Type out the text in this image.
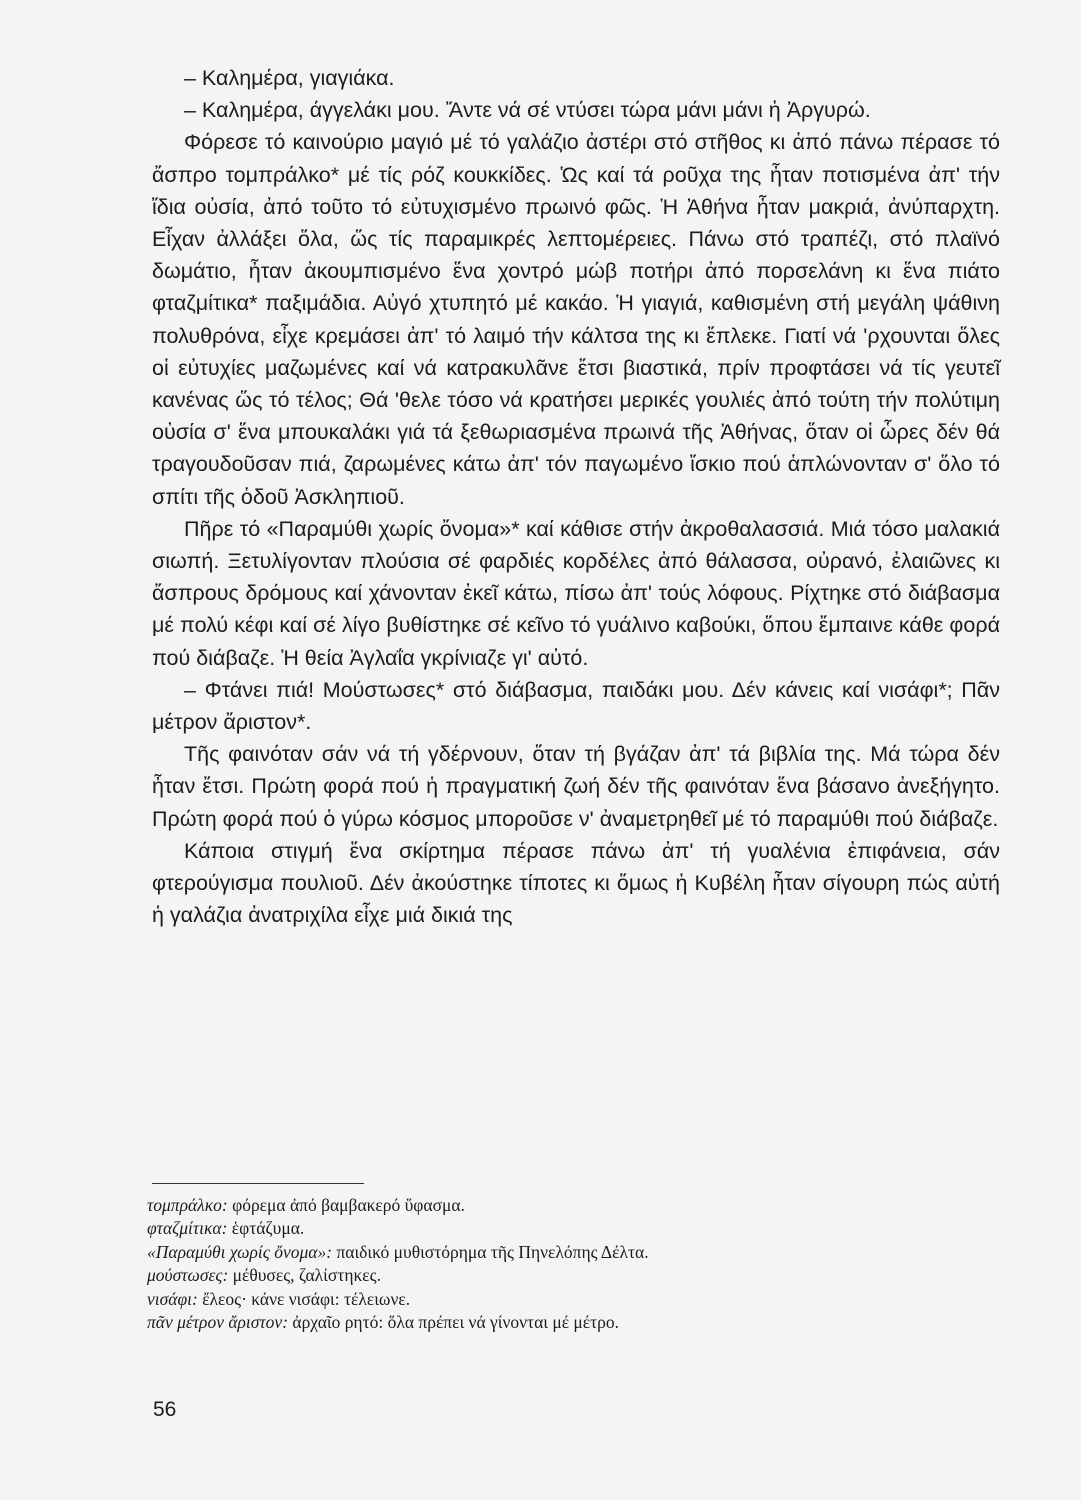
– Καλημέρα, γιαγιάκα.

– Καλημέρα, άγγελάκι μου. Ἄντε νά σέ ντύσει τώρα μάνι μάνι ἡ Ἀργυρώ.

Φόρεσε τό καινούριο μαγιό μέ τό γαλάζιο ἀστέρι στό στῆθος κι ἀπό πάνω πέρασε τό ἄσπρο τομπράλκο* μέ τίς ρόζ κουκκίδες. Ὡς καί τά ροῦχα της ἦταν ποτισμένα ἀπ' τήν ἴδια οὐσία, ἀπό τοῦτο τό εὐτυχισμένο πρωινό φῶς. Ἡ Ἀθήνα ἦταν μακριά, ἀνύπαρχτη. Εἶχαν ἀλλάξει ὅλα, ὥς τίς παραμικρές λεπτομέρειες. Πάνω στό τραπέζι, στό πλαϊνό δωμάτιο, ἦταν ἀκουμπισμένο ἕνα χοντρό μώβ ποτήρι ἀπό πορσελάνη κι ἕνα πιάτο φταζμίτικα* παξιμάδια. Αὐγό χτυπητό μέ κακάο. Ἡ γιαγιά, καθισμένη στή μεγάλη ψάθινη πολυθρόνα, εἶχε κρεμάσει ἀπ' τό λαιμό τήν κάλτσα της κι ἔπλεκε. Γιατί νά 'ρχουνται ὅλες οἱ εὐτυχίες μαζωμένες καί νά κατρακυλᾶνε ἔτσι βιαστικά, πρίν προφτάσει νά τίς γευτεῖ κανένας ὥς τό τέλος; Θά 'θελε τόσο νά κρατήσει μερικές γουλιές ἀπό τούτη τήν πολύτιμη οὐσία σ' ἕνα μπουκαλάκι γιά τά ξεθωριασμένα πρωινά τῆς Ἀθήνας, ὅταν οἱ ὧρες δέν θά τραγουδοῦσαν πιά, ζαρωμένες κάτω ἀπ' τόν παγωμένο ἴσκιο πού ἁπλώνονταν σ' ὅλο τό σπίτι τῆς ὁδοῦ Ἀσκληπιοῦ.

Πῆρε τό «Παραμύθι χωρίς ὄνομα»* καί κάθισε στήν ἀκροθαλασσιά. Μιά τόσο μαλακιά σιωπή. Ξετυλίγονταν πλούσια σέ φαρδιές κορδέλες ἀπό θάλασσα, οὐρανό, ἐλαιῶνες κι ἄσπρους δρόμους καί χάνονταν ἐκεῖ κάτω, πίσω ἀπ' τούς λόφους. Ρίχτηκε στό διάβασμα μέ πολύ κέφι καί σέ λίγο βυθίστηκε σέ κεῖνο τό γυάλινο καβούκι, ὅπου ἔμπαινε κάθε φορά πού διάβαζε. Ἡ θεία Ἀγλαΐα γκρίνιαζε γι' αὐτό.

– Φτάνει πιά! Μούστωσες* στό διάβασμα, παιδάκι μου. Δέν κάνεις καί νισάφι*; Πᾶν μέτρον ἄριστον*.

Τῆς φαινόταν σάν νά τή γδέρνουν, ὅταν τή βγάζαν ἀπ' τά βιβλία της. Μά τώρα δέν ἦταν ἔτσι. Πρώτη φορά πού ἡ πραγματική ζωή δέν τῆς φαινόταν ἕνα βάσανο ἀνεξήγητο. Πρώτη φορά πού ὁ γύρω κόσμος μποροῦσε ν' ἀναμετρηθεῖ μέ τό παραμύθι πού διάβαζε.

Κάποια στιγμή ἕνα σκίρτημα πέρασε πάνω ἀπ' τή γυαλένια ἐπιφάνεια, σάν φτερούγισμα πουλιοῦ. Δέν ἀκούστηκε τίποτες κι ὅμως ἡ Κυβέλη ἦταν σίγουρη πώς αὐτή ἡ γαλάζια ἀνατριχίλα εἶχε μιά δικιά της

τομπράλκο: φόρεμα ἀπό βαμβακερό ὕφασμα.
φταζμίτικα: ἑφτάζυμα.
«Παραμύθι χωρίς ὄνομα»: παιδικό μυθιστόρημα τῆς Πηνελόπης Δέλτα.
μούστωσες: μέθυσες, ζαλίστηκες.
νισάφι: ἔλεος· κάνε νισάφι: τέλειωνε.
πᾶν μέτρον ἄριστον: ἀρχαῖο ρητό: ὅλα πρέπει νά γίνονται μέ μέτρο.
56
